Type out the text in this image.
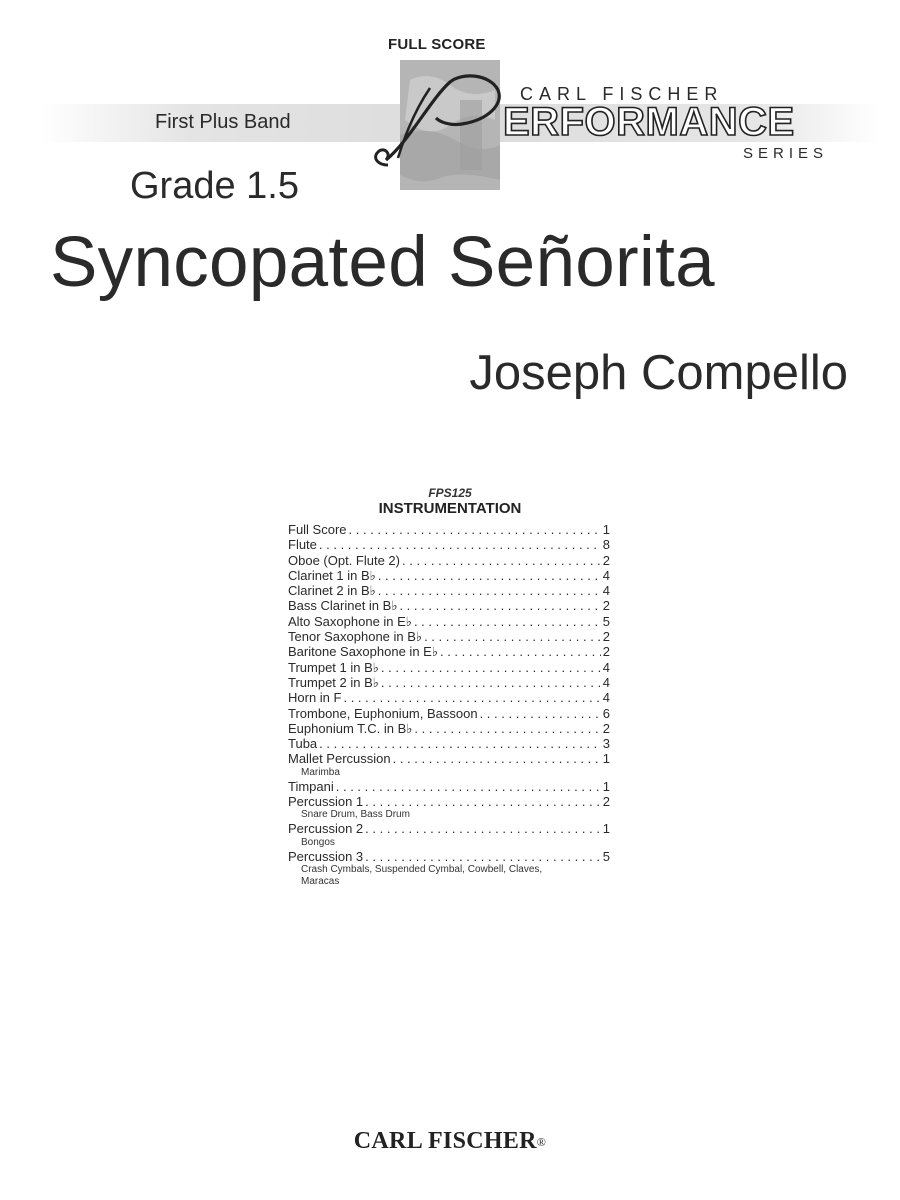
FULL SCORE
First Plus Band
CARL FISCHER
ERFORMANCE
SERIES
Grade 1.5
Syncopated Señorita
Joseph Compello
FPS125
INSTRUMENTATION
Full Score . . .	1
Flute . . .	8
Oboe (Opt. Flute 2) . . .	2
Clarinet 1 in B♭ . . .	4
Clarinet 2 in B♭ . . .	4
Bass Clarinet in B♭ . . .	2
Alto Saxophone in E♭ . . .	5
Tenor Saxophone in B♭ . . .	2
Baritone Saxophone in E♭ . . .	2
Trumpet 1 in B♭ . . .	4
Trumpet 2 in B♭ . . .	4
Horn in F . . .	4
Trombone, Euphonium, Bassoon . . .	6
Euphonium T.C. in B♭ . . .	2
Tuba . . .	3
Mallet Percussion . . .	1
Marimba
Timpani . . .	1
Percussion 1 . . .	2
Snare Drum, Bass Drum
Percussion 2 . . .	1
Bongos
Percussion 3 . . .	5
Crash Cymbals, Suspended Cymbal, Cowbell, Claves, Maracas
CARL FISCHER®
